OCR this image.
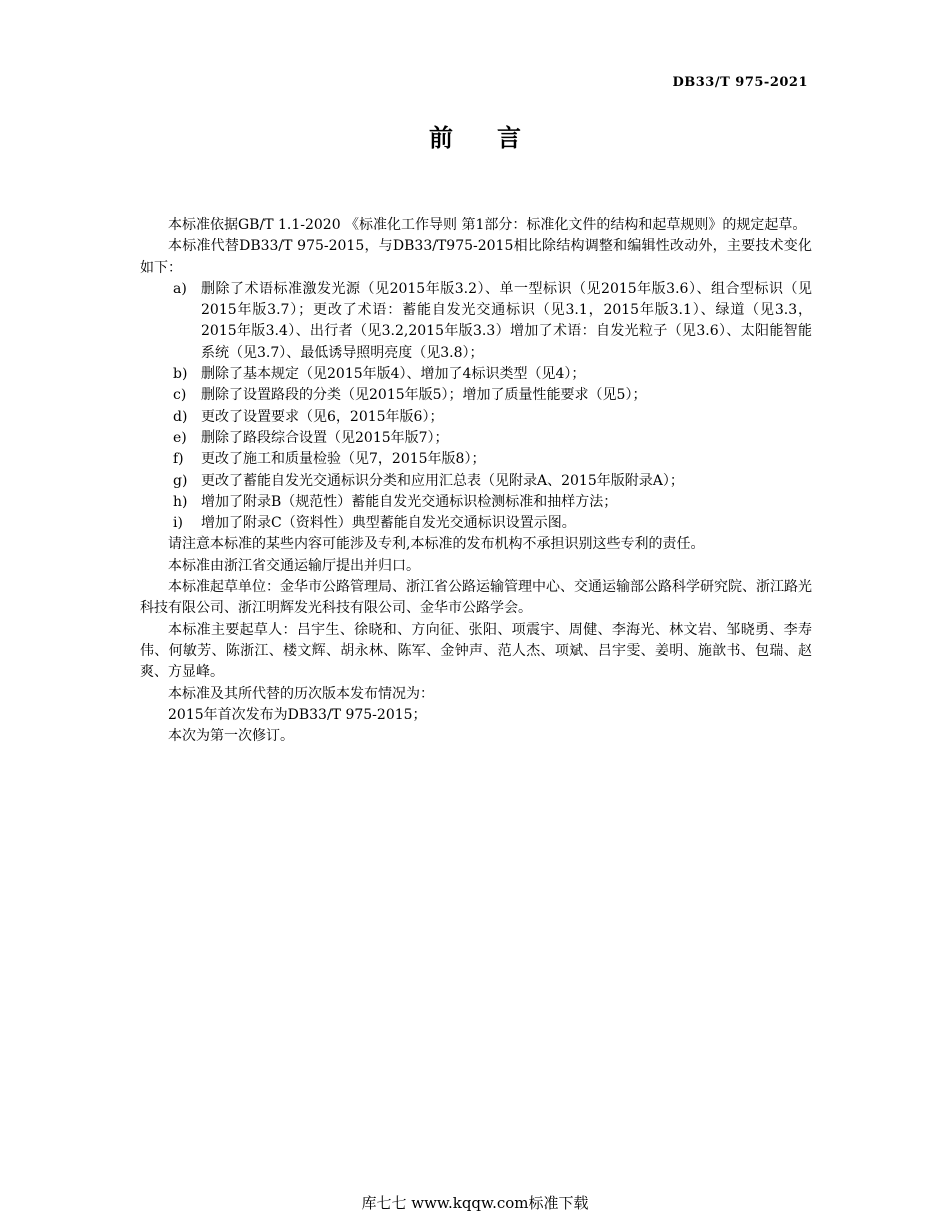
DB33/T 975-2021
前 言

本标准依据GB/T 1.1-2020 《标准化工作导则 第1部分：标准化文件的结构和起草规则》的规定起草。

本标准代替DB33/T 975-2015，与DB33/T975-2015相比除结构调整和编辑性改动外，主要技术变化如下：

a) 删除了术语标准激发光源（见2015年版3.2）、单一型标识（见2015年版3.6）、组合型标识（见2015年版3.7）；更改了术语：蓄能自发光交通标识（见3.1，2015年版3.1）、绿道（见3.3，2015年版3.4）、出行者（见3.2,2015年版3.3）增加了术语：自发光粒子（见3.6）、太阳能智能系统（见3.7）、最低诱导照明亮度（见3.8）；
b) 删除了基本规定（见2015年版4）、增加了4标识类型（见4）；
c) 删除了设置路段的分类（见2015年版5）；增加了质量性能要求（见5）；
d) 更改了设置要求（见6，2015年版6）；
e) 删除了路段综合设置（见2015年版7）；
f) 更改了施工和质量检验（见7，2015年版8）；
g) 更改了蓄能自发光交通标识分类和应用汇总表（见附录A、2015年版附录A）；
h) 增加了附录B（规范性）蓄能自发光交通标识检测标准和抽样方法；
i) 增加了附录C（资料性）典型蓄能自发光交通标识设置示图。

请注意本标准的某些内容可能涉及专利,本标准的发布机构不承担识别这些专利的责任。

本标准由浙江省交通运输厅提出并归口。

本标准起草单位：金华市公路管理局、浙江省公路运输管理中心、交通运输部公路科学研究院、浙江路光科技有限公司、浙江明辉发光科技有限公司、金华市公路学会。

本标准主要起草人：吕宇生、徐晓和、方向征、张阳、项震宇、周健、李海光、林文岩、邹晓勇、李寿伟、何敏芳、陈浙江、楼文辉、胡永林、陈军、金钟声、范人杰、项斌、吕宇雯、姜明、施歆书、包瑞、赵爽、方显峰。

本标准及其所代替的历次版本发布情况为：

2015年首次发布为DB33/T 975-2015；

本次为第一次修订。

库七七 www.kqqw.com标准下载
